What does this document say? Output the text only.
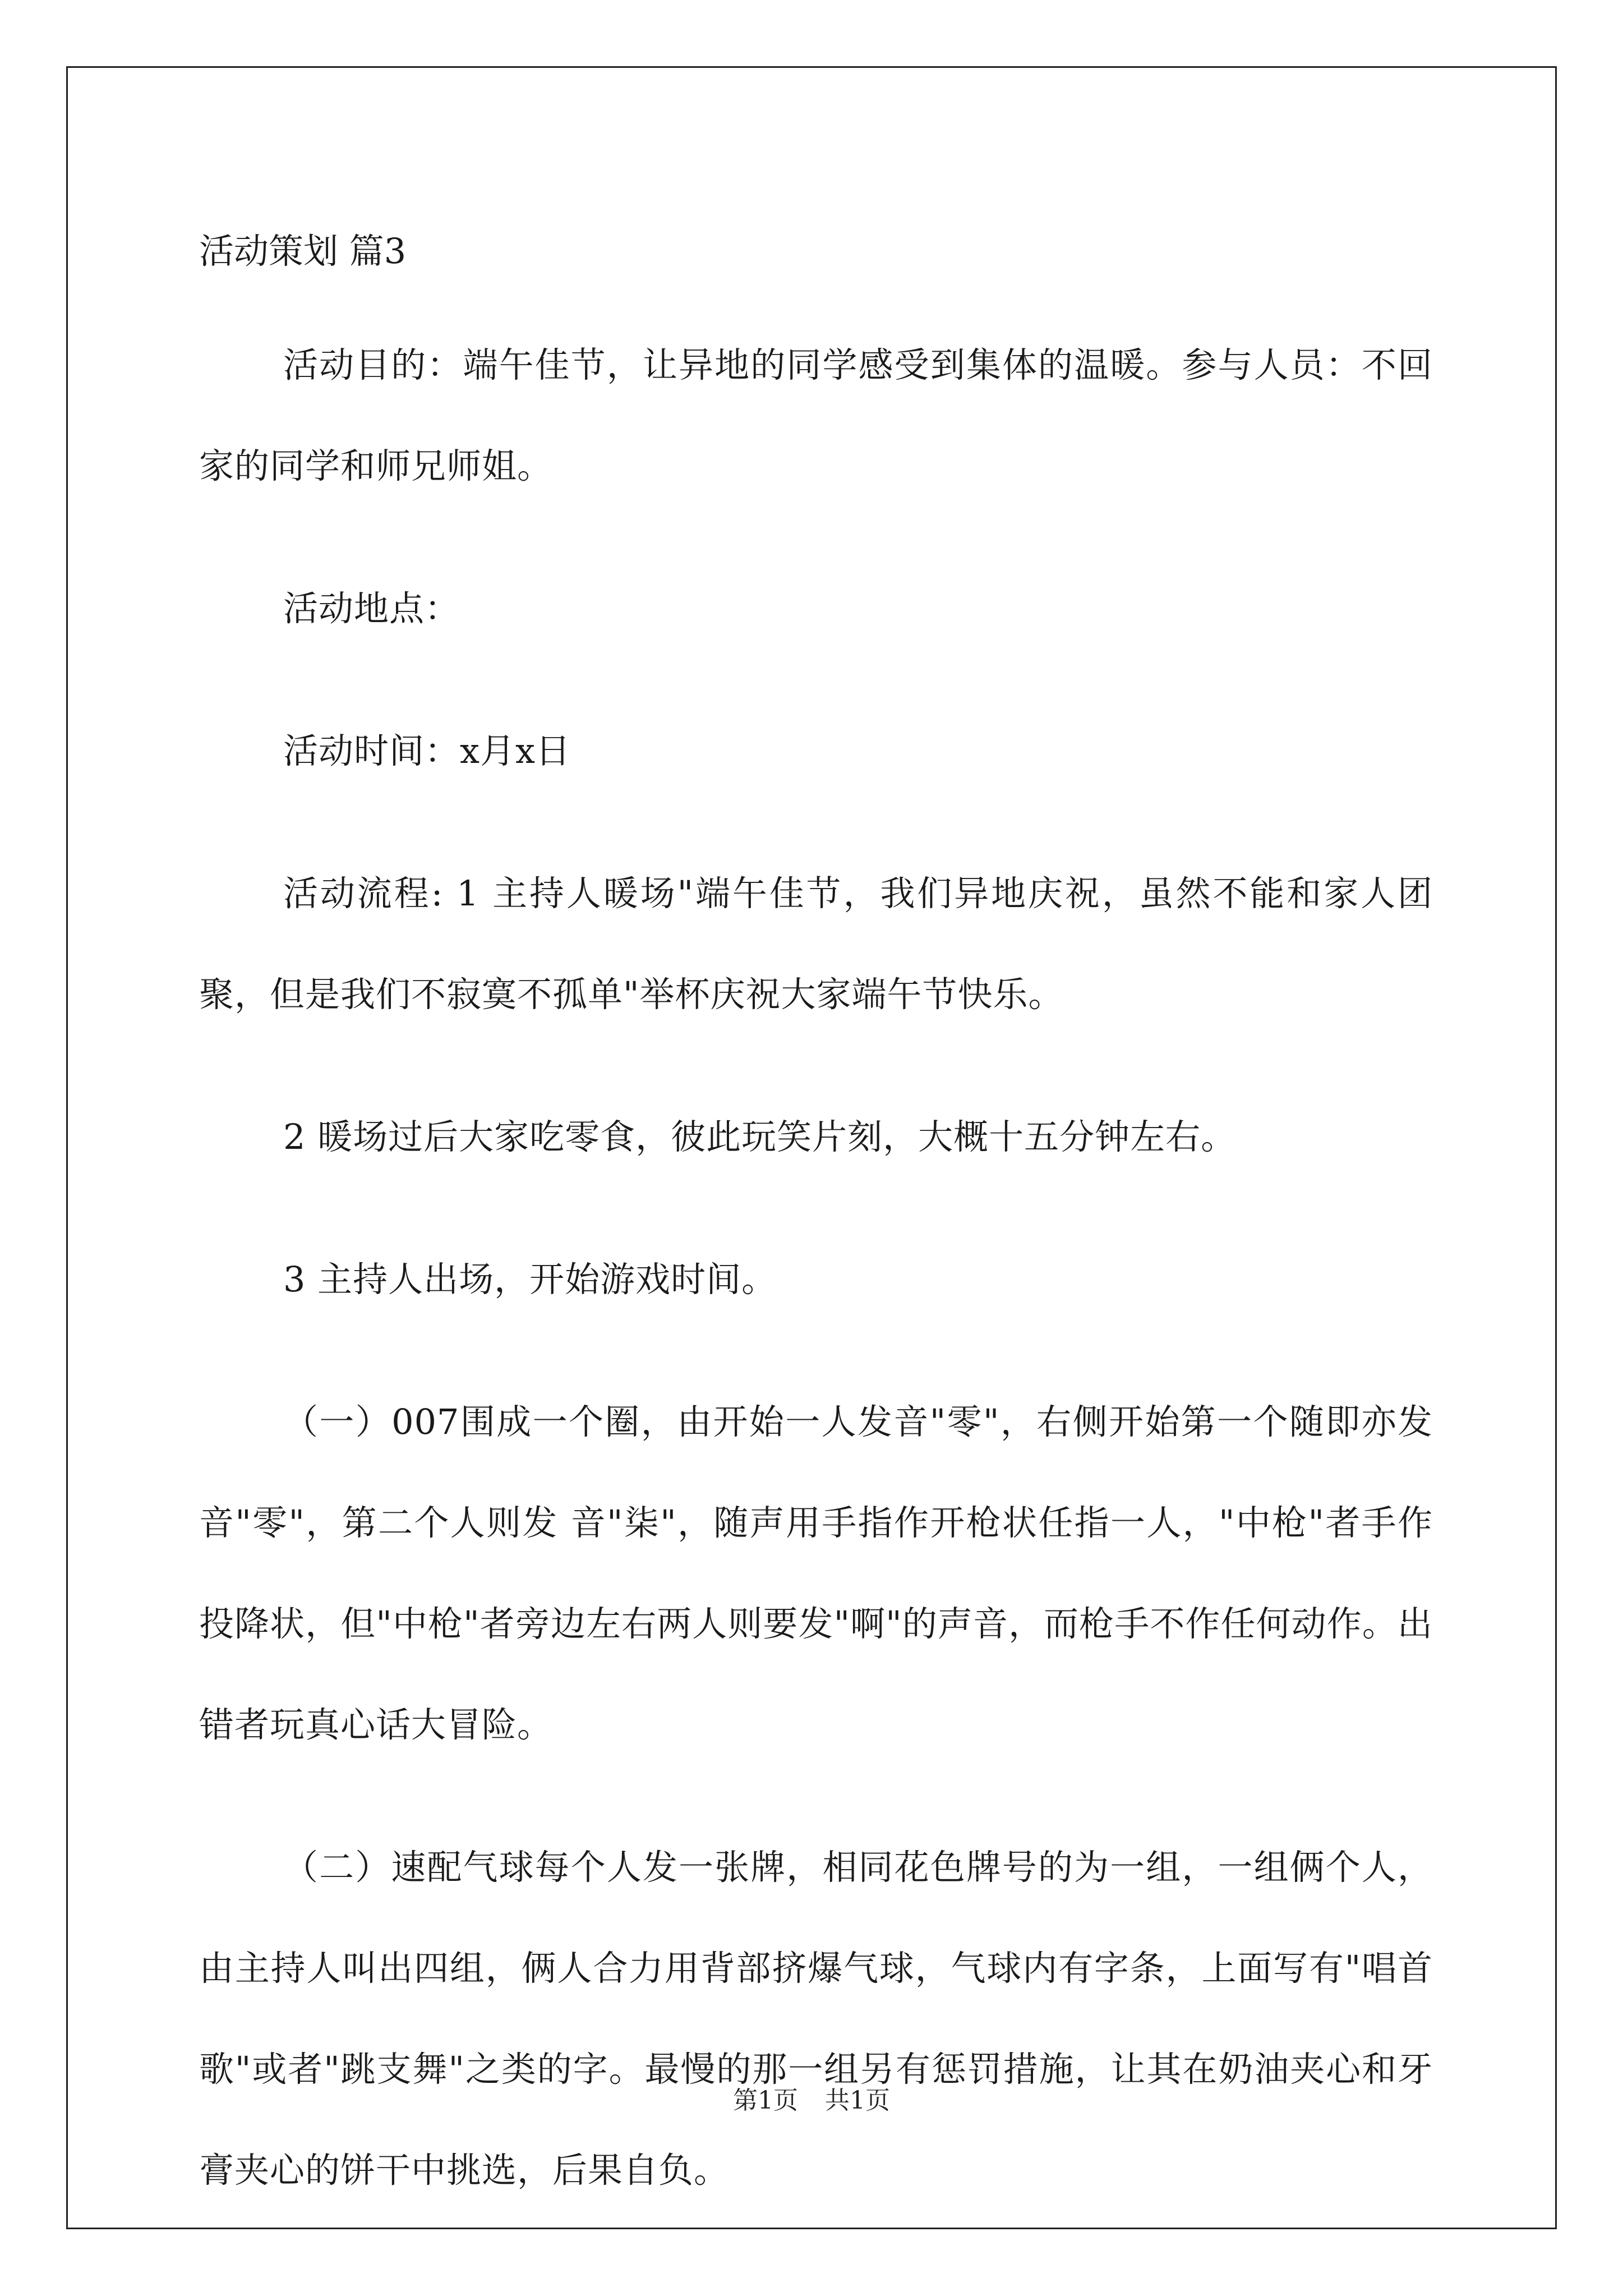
活动策划 篇3

活动目的：端午佳节，让异地的同学感受到集体的温暖。参与人员：不回家的同学和师兄师姐。

活动地点：

活动时间：x月x日

活动流程: 1 主持人暖场"端午佳节，我们异地庆祝，虽然不能和家人团聚，但是我们不寂寞不孤单"举杯庆祝大家端午节快乐。

2 暖场过后大家吃零食，彼此玩笑片刻，大概十五分钟左右。

3 主持人出场，开始游戏时间。

（一）007围成一个圈，由开始一人发音"零"，右侧开始第一个随即亦发音"零"，第二个人则发 音"柒"，随声用手指作开枪状任指一人，"中枪"者手作投降状，但"中枪"者旁边左右两人则要发"啊"的声音，而枪手不作任何动作。出错者玩真心话大冒险。

（二）速配气球每个人发一张牌，相同花色牌号的为一组，一组俩个人，由主持人叫出四组，俩人合力用背部挤爆气球，气球内有字条，上面写有"唱首歌"或者"跳支舞"之类的字。最慢的那一组另有惩罚措施，让其在奶油夹心和牙膏夹心的饼干中挑选，后果自负。

第1页 共1页
